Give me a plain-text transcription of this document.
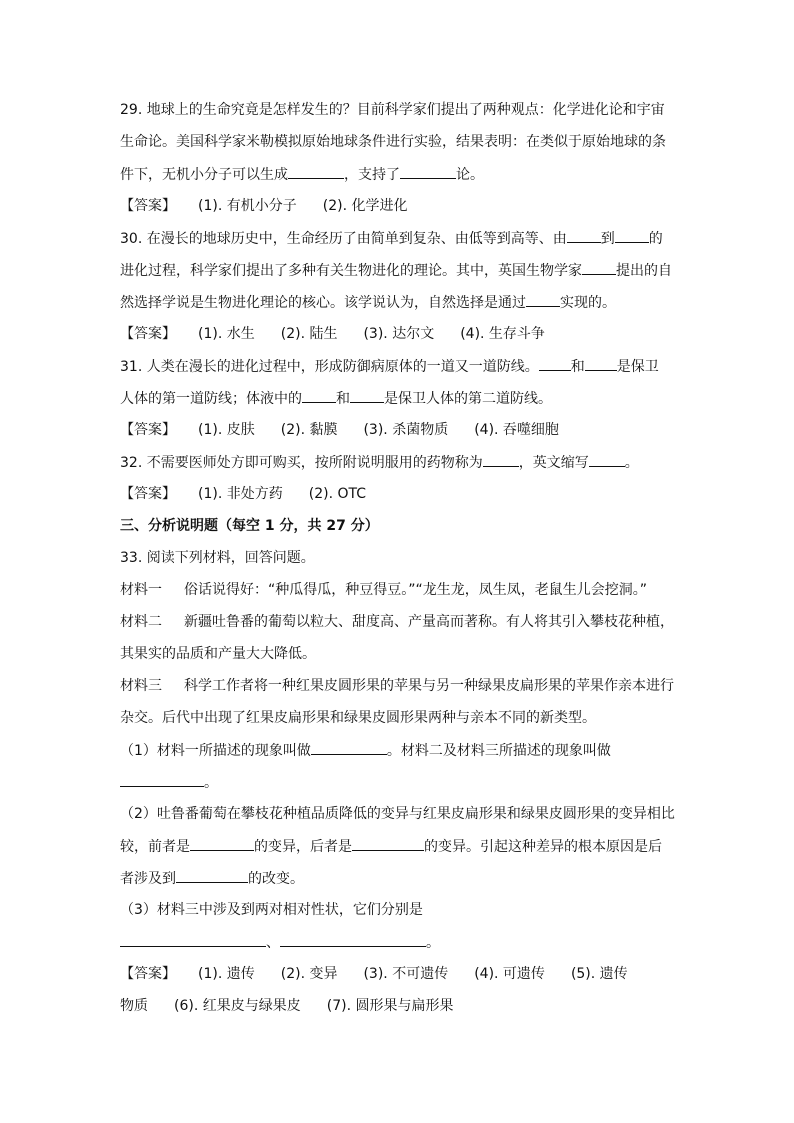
29. 地球上的生命究竟是怎样发生的？目前科学家们提出了两种观点：化学进化论和宇宙
生命论。美国科学家米勒模拟原始地球条件进行实验，结果表明：在类似于原始地球的条
件下，无机小分子可以生成	，支持了	论。
【答案】 (1). 有机小分子 (2). 化学进化
30. 在漫长的地球历史中，生命经历了由简单到复杂、由低等到高等、由 到 的
进化过程，科学家们提出了多种有关生物进化的理论。其中，英国生物学家 提出的自
然选择学说是生物进化理论的核心。该学说认为，自然选择是通过 实现的。
【答案】 (1). 水生 (2). 陆生 (3). 达尔文 (4). 生存斗争
31. 人类在漫长的进化过程中，形成防御病原体的一道又一道防线。 和 是保卫
人体的第一道防线；体液中的 和 是保卫人体的第二道防线。
【答案】 (1). 皮肤 (2). 黏膜 (3). 杀菌物质 (4). 吞噬细胞
32. 不需要医师处方即可购买，按所附说明服用的药物称为	，英文缩写	。
【答案】 (1). 非处方药 (2). OTC
三、分析说明题（每空 1 分，共 27 分）
33. 阅读下列材料，回答问题。
材料一 俗话说得好：“种瓜得瓜，种豆得豆。”“龙生龙，凤生凤，老鼠生儿会挖洞。”
材料二 新疆吐鲁番的葡萄以粒大、甜度高、产量高而著称。有人将其引入攀枝花种植，
其果实的品质和产量大大降低。
材料三 科学工作者将一种红果皮圆形果的苹果与另一种绿果皮扁形果的苹果作亲本进行
杂交。后代中出现了红果皮扁形果和绿果皮圆形果两种与亲本不同的新类型。
（1）材料一所描述的现象叫做	。材料二及材料三所描述的现象叫做
。
（2）吐鲁番葡萄在攀枝花种植品质降低的变异与红果皮扁形果和绿果皮圆形果的变异相比
较，前者是	的变异，后者是	的变异。引起这种差异的根本原因是后
者涉及到	的改变。
（3）材料三中涉及到两对相对性状，它们分别是
、	。
【答案】 (1). 遗传 (2). 变异 (3). 不可遗传 (4). 可遗传 (5). 遗传
物质 (6). 红果皮与绿果皮 (7). 圆形果与扁形果
